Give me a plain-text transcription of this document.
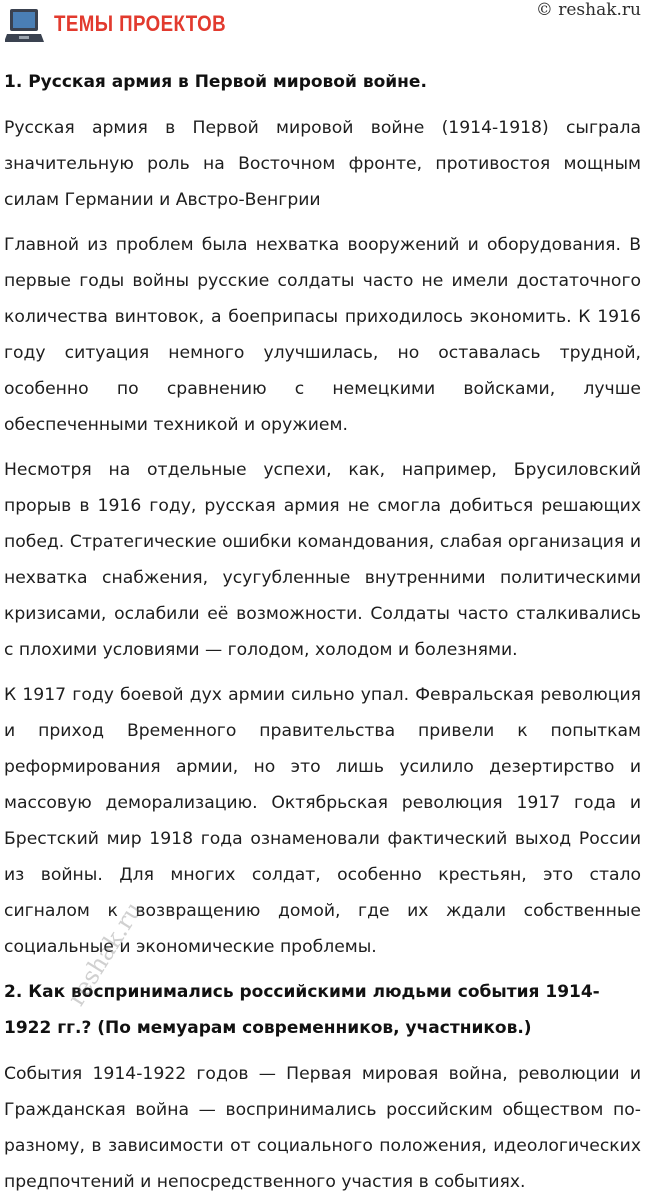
ТЕМЫ ПРОЕКТОВ
© reshak.ru
1. Русская армия в Первой мировой войне.

Русская армия в Первой мировой войне (1914-1918) сыграла значительную роль на Восточном фронте, противостоя мощным силам Германии и Австро-Венгрии

Главной из проблем была нехватка вооружений и оборудования. В первые годы войны русские солдаты часто не имели достаточного количества винтовок, а боеприпасы приходилось экономить. К 1916 году ситуация немного улучшилась, но оставалась трудной, особенно по сравнению с немецкими войсками, лучше обеспеченными техникой и оружием.

Несмотря на отдельные успехи, как, например, Брусиловский прорыв в 1916 году, русская армия не смогла добиться решающих побед. Стратегические ошибки командования, слабая организация и нехватка снабжения, усугубленные внутренними политическими кризисами, ослабили её возможности. Солдаты часто сталкивались с плохими условиями — голодом, холодом и болезнями.

К 1917 году боевой дух армии сильно упал. Февральская революция и приход Временного правительства привели к попыткам реформирования армии, но это лишь усилило дезертирство и массовую деморализацию. Октябрьская революция 1917 года и Брестский мир 1918 года ознаменовали фактический выход России из войны. Для многих солдат, особенно крестьян, это стало сигналом к возвращению домой, где их ждали собственные социальные и экономические проблемы.

2. Как воспринимались российскими людьми события 1914-1922 гг.? (По мемуарам современников, участников.)

События 1914-1922 годов — Первая мировая война, революции и Гражданская война — воспринимались российским обществом по-разному, в зависимости от социального положения, идеологических предпочтений и непосредственного участия в событиях.

reshak.ru
